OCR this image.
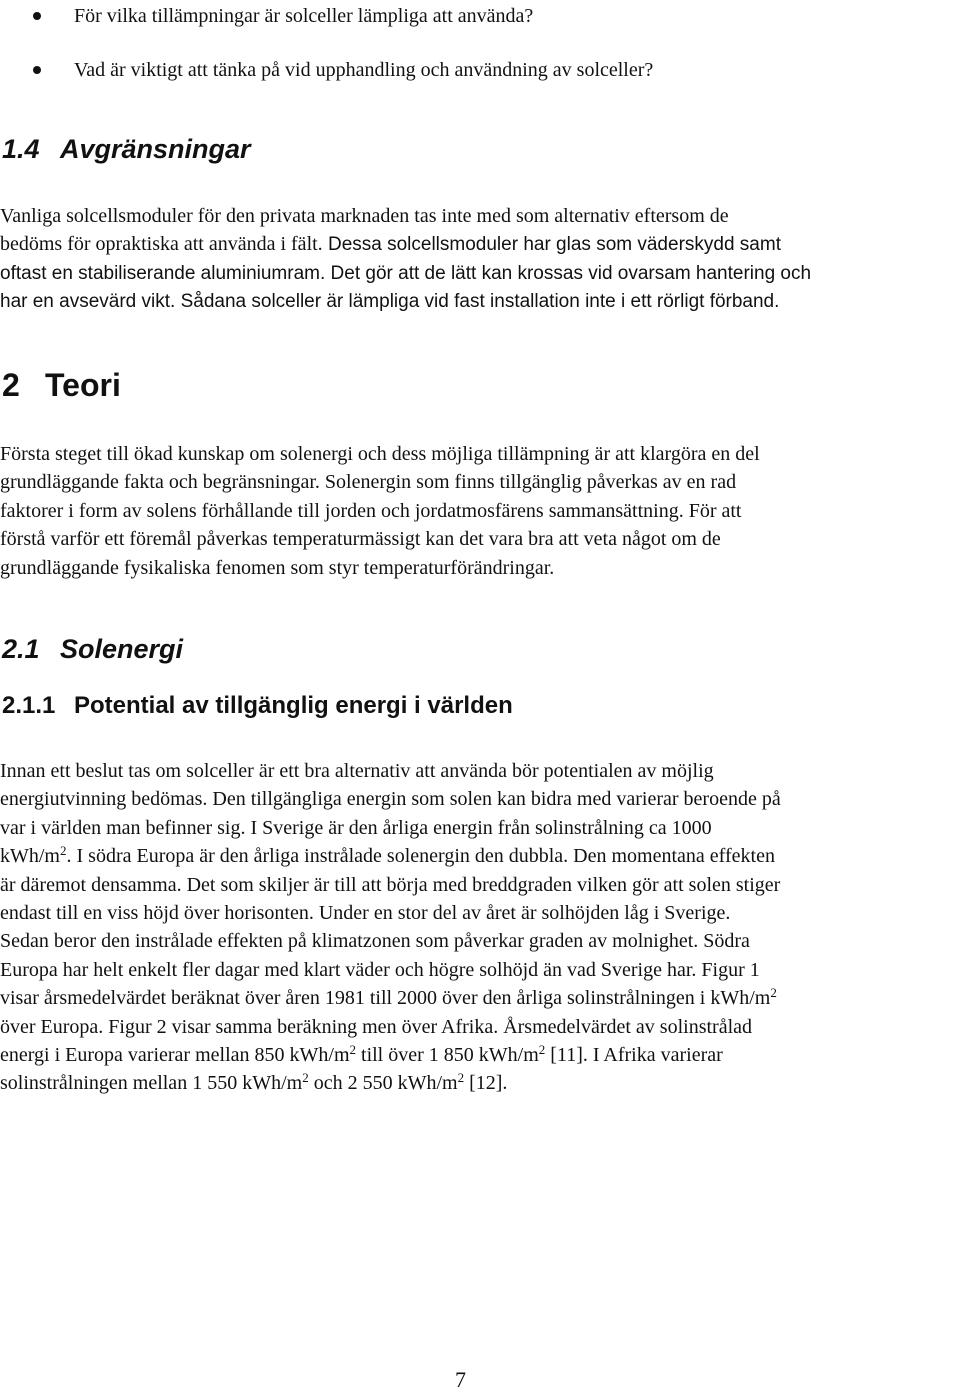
För vilka tillämpningar är solceller lämpliga att använda?
Vad är viktigt att tänka på vid upphandling och användning av solceller?
1.4 Avgränsningar
Vanliga solcellsmoduler för den privata marknaden tas inte med som alternativ eftersom de
bedöms för opraktiska att använda i fält. Dessa solcellsmoduler har glas som väderskydd samt
oftast en stabiliserande aluminiumram. Det gör att de lätt kan krossas vid ovarsam hantering och
har en avsevärd vikt. Sådana solceller är lämpliga vid fast installation inte i ett rörligt förband.
2 Teori
Första steget till ökad kunskap om solenergi och dess möjliga tillämpning är att klargöra en del
grundläggande fakta och begränsningar. Solenergin som finns tillgänglig påverkas av en rad
faktorer i form av solens förhållande till jorden och jordatmosfärens sammansättning. För att
förstå varför ett föremål påverkas temperaturmässigt kan det vara bra att veta något om de
grundläggande fysikaliska fenomen som styr temperaturförändringar.
2.1 Solenergi
2.1.1 Potential av tillgänglig energi i världen
Innan ett beslut tas om solceller är ett bra alternativ att använda bör potentialen av möjlig
energiutvinning bedömas. Den tillgängliga energin som solen kan bidra med varierar beroende på
var i världen man befinner sig. I Sverige är den årliga energin från solinstrålning ca 1000
kWh/$m^2$. I södra Europa är den årliga instrålade solenergin den dubbla. Den momentana effekten
är däremot densamma. Det som skiljer är till att börja med breddgraden vilken gör att solen stiger
endast till en viss höjd över horisonten. Under en stor del av året är solhöjden låg i Sverige.
Sedan beror den instrålade effekten på klimatzonen som påverkar graden av molnighet. Södra
Europa har helt enkelt fler dagar med klart väder och högre solhöjd än vad Sverige har. Figur 1
visar årsmedelvärdet beräknat över åren 1981 till 2000 över den årliga solinstrålningen i kWh/$m^2$
över Europa. Figur 2 visar samma beräkning men över Afrika. Årsmedelvärdet av solinstrålad
energi i Europa varierar mellan 850 kWh/$m^2$ till över 1 850 kWh/$m^2$ [11]. I Afrika varierar
solinstrålningen mellan 1 550 kWh/$m^2$ och 2 550 kWh/$m^2$ [12].
7
